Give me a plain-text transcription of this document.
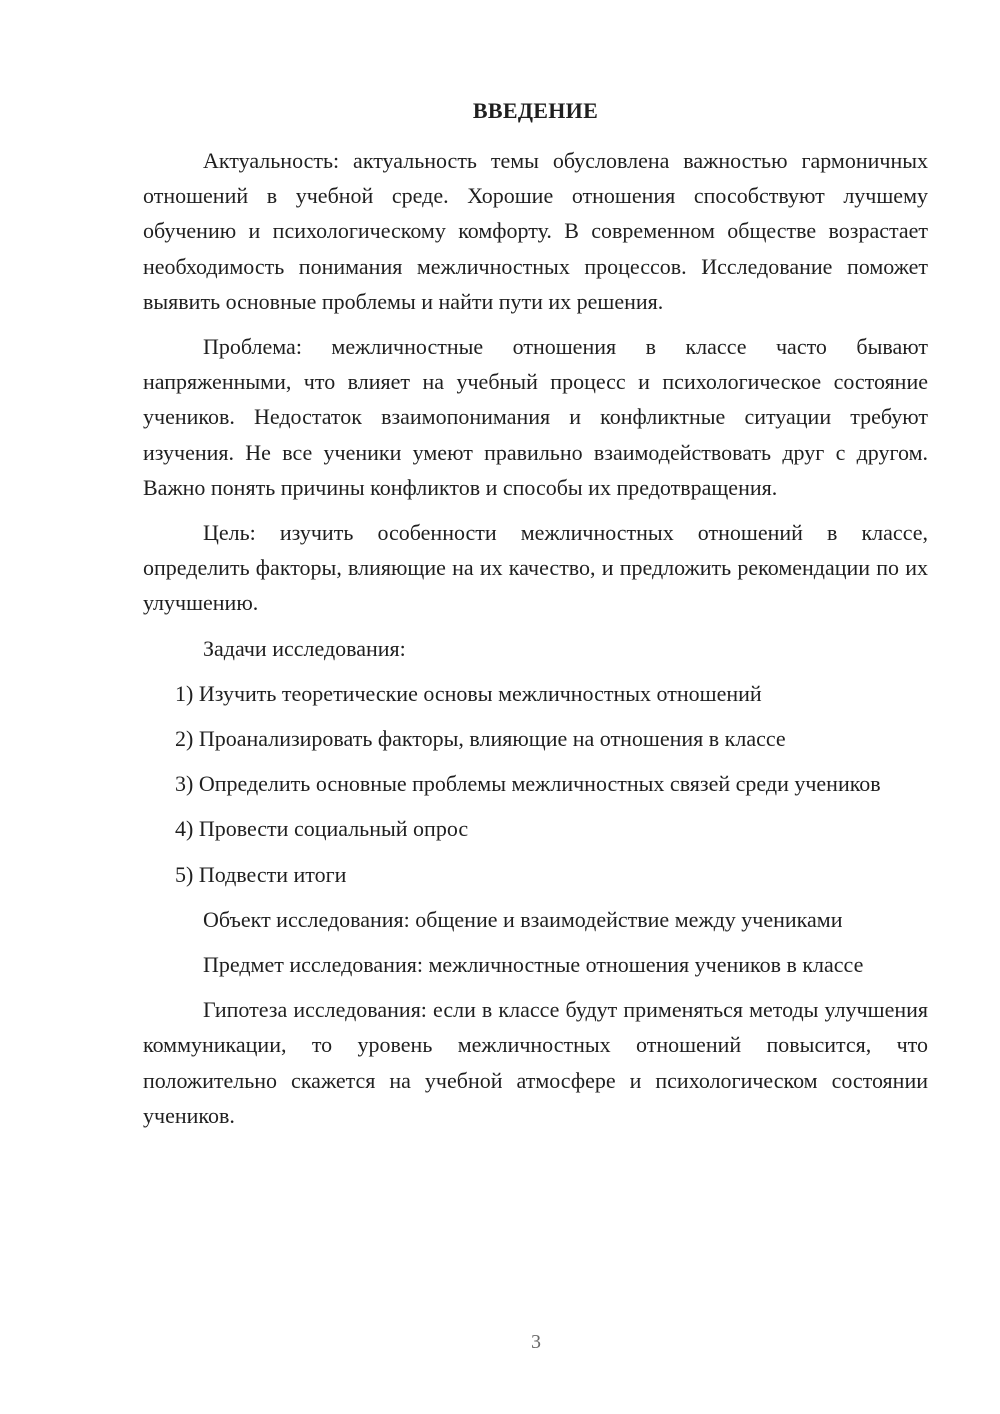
ВВЕДЕНИЕ

Актуальность: актуальность темы обусловлена важностью гармоничных отношений в учебной среде. Хорошие отношения способствуют лучшему обучению и психологическому комфорту. В современном обществе возрастает необходимость понимания межличностных процессов. Исследование поможет выявить основные проблемы и найти пути их решения.

Проблема: межличностные отношения в классе часто бывают напряженными, что влияет на учебный процесс и психологическое состояние учеников. Недостаток взаимопонимания и конфликтные ситуации требуют изучения. Не все ученики умеют правильно взаимодействовать друг с другом. Важно понять причины конфликтов и способы их предотвращения.

Цель: изучить особенности межличностных отношений в классе, определить факторы, влияющие на их качество, и предложить рекомендации по их улучшению.

Задачи исследования:

1) Изучить теоретические основы межличностных отношений

2) Проанализировать факторы, влияющие на отношения в классе

3) Определить основные проблемы межличностных связей среди учеников

4) Провести социальный опрос

5) Подвести итоги

Объект исследования: общение и взаимодействие между учениками

Предмет исследования: межличностные отношения учеников в классе

Гипотеза исследования: если в классе будут применяться методы улучшения коммуникации, то уровень межличностных отношений повысится, что положительно скажется на учебной атмосфере и психологическом состоянии учеников.

3
